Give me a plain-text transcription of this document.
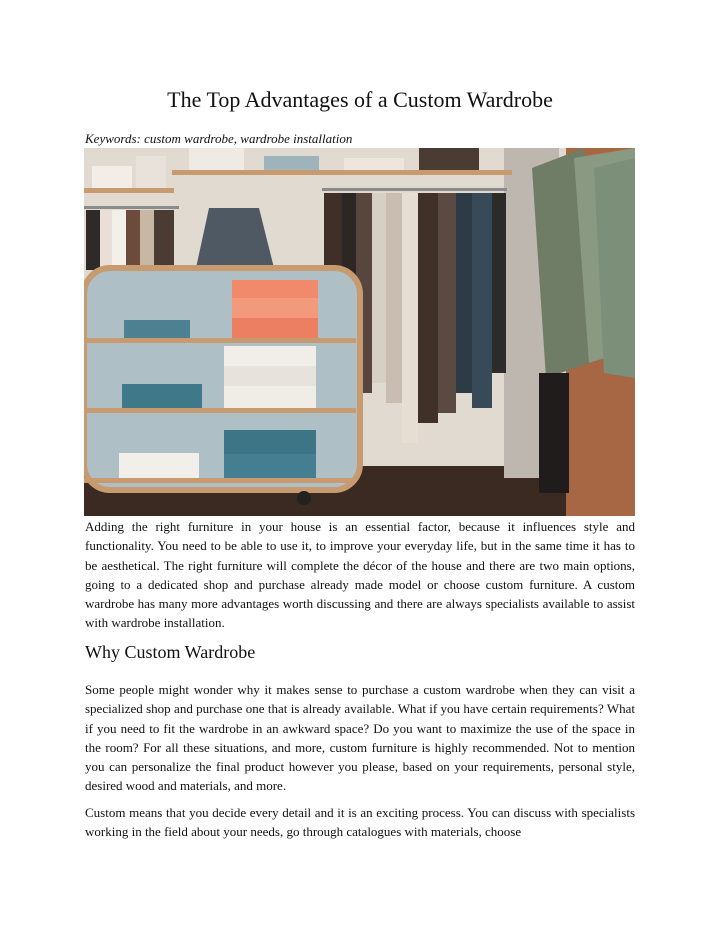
The Top Advantages of a Custom Wardrobe
Keywords: custom wardrobe, wardrobe installation

Adding the right furniture in your house is an essential factor, because it influences style and functionality. You need to be able to use it, to improve your everyday life, but in the same time it has to be aesthetical. The right furniture will complete the décor of the house and there are two main options, going to a dedicated shop and purchase already made model or choose custom furniture. A custom wardrobe has many more advantages worth discussing and there are always specialists available to assist with wardrobe installation.

Why Custom Wardrobe

Some people might wonder why it makes sense to purchase a custom wardrobe when they can visit a specialized shop and purchase one that is already available. What if you have certain requirements? What if you need to fit the wardrobe in an awkward space? Do you want to maximize the use of the space in the room? For all these situations, and more, custom furniture is highly recommended. Not to mention you can personalize the final product however you please, based on your requirements, personal style, desired wood and materials, and more.

Custom means that you decide every detail and it is an exciting process. You can discuss with specialists working in the field about your needs, go through catalogues with materials, choose
